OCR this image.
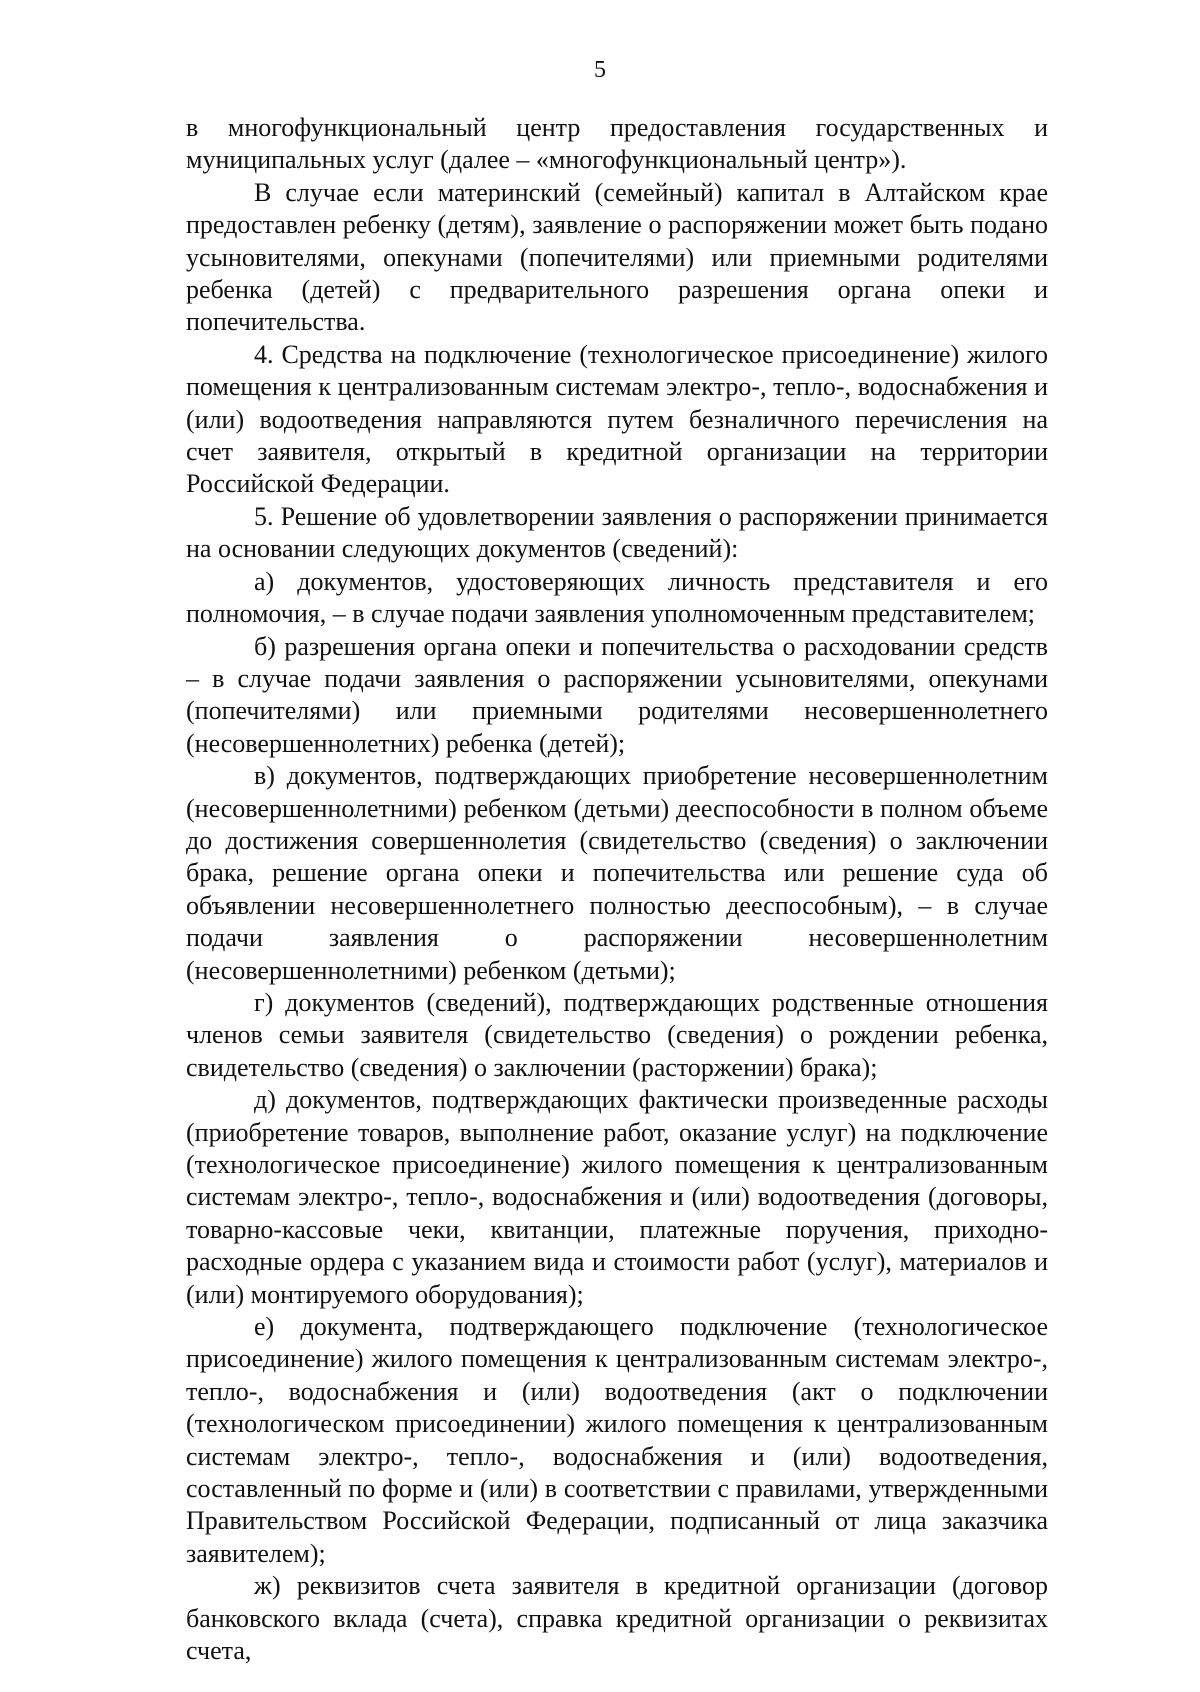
5

в многофункциональный центр предоставления государственных и муниципальных услуг (далее – «многофункциональный центр»).

В случае если материнский (семейный) капитал в Алтайском крае предоставлен ребенку (детям), заявление о распоряжении может быть подано усыновителями, опекунами (попечителями) или приемными родителями ребенка (детей) с предварительного разрешения органа опеки и попечительства.

4. Средства на подключение (технологическое присоединение) жилого помещения к централизованным системам электро-, тепло-, водоснабжения и (или) водоотведения направляются путем безналичного перечисления на счет заявителя, открытый в кредитной организации на территории Российской Федерации.

5. Решение об удовлетворении заявления о распоряжении принимается на основании следующих документов (сведений):

а) документов, удостоверяющих личность представителя и его полномочия, – в случае подачи заявления уполномоченным представителем;

б) разрешения органа опеки и попечительства о расходовании средств – в случае подачи заявления о распоряжении усыновителями, опекунами (попечителями) или приемными родителями несовершеннолетнего (несовершеннолетних) ребенка (детей);

в) документов, подтверждающих приобретение несовершеннолетним (несовершеннолетними) ребенком (детьми) дееспособности в полном объеме до достижения совершеннолетия (свидетельство (сведения) о заключении брака, решение органа опеки и попечительства или решение суда об объявлении несовершеннолетнего полностью дееспособным), – в случае подачи заявления о распоряжении несовершеннолетним (несовершеннолетними) ребенком (детьми);

г) документов (сведений), подтверждающих родственные отношения членов семьи заявителя (свидетельство (сведения) о рождении ребенка, свидетельство (сведения) о заключении (расторжении) брака);

д) документов, подтверждающих фактически произведенные расходы (приобретение товаров, выполнение работ, оказание услуг) на подключение (технологическое присоединение) жилого помещения к централизованным системам электро-, тепло-, водоснабжения и (или) водоотведения (договоры, товарно-кассовые чеки, квитанции, платежные поручения, приходно-расходные ордера с указанием вида и стоимости работ (услуг), материалов и (или) монтируемого оборудования);

е) документа, подтверждающего подключение (технологическое присоединение) жилого помещения к централизованным системам электро-, тепло-, водоснабжения и (или) водоотведения (акт о подключении (технологическом присоединении) жилого помещения к централизованным системам электро-, тепло-, водоснабжения и (или) водоотведения, составленный по форме и (или) в соответствии с правилами, утвержденными Правительством Российской Федерации, подписанный от лица заказчика заявителем);

ж) реквизитов счета заявителя в кредитной организации (договор банковского вклада (счета), справка кредитной организации о реквизитах счета,
